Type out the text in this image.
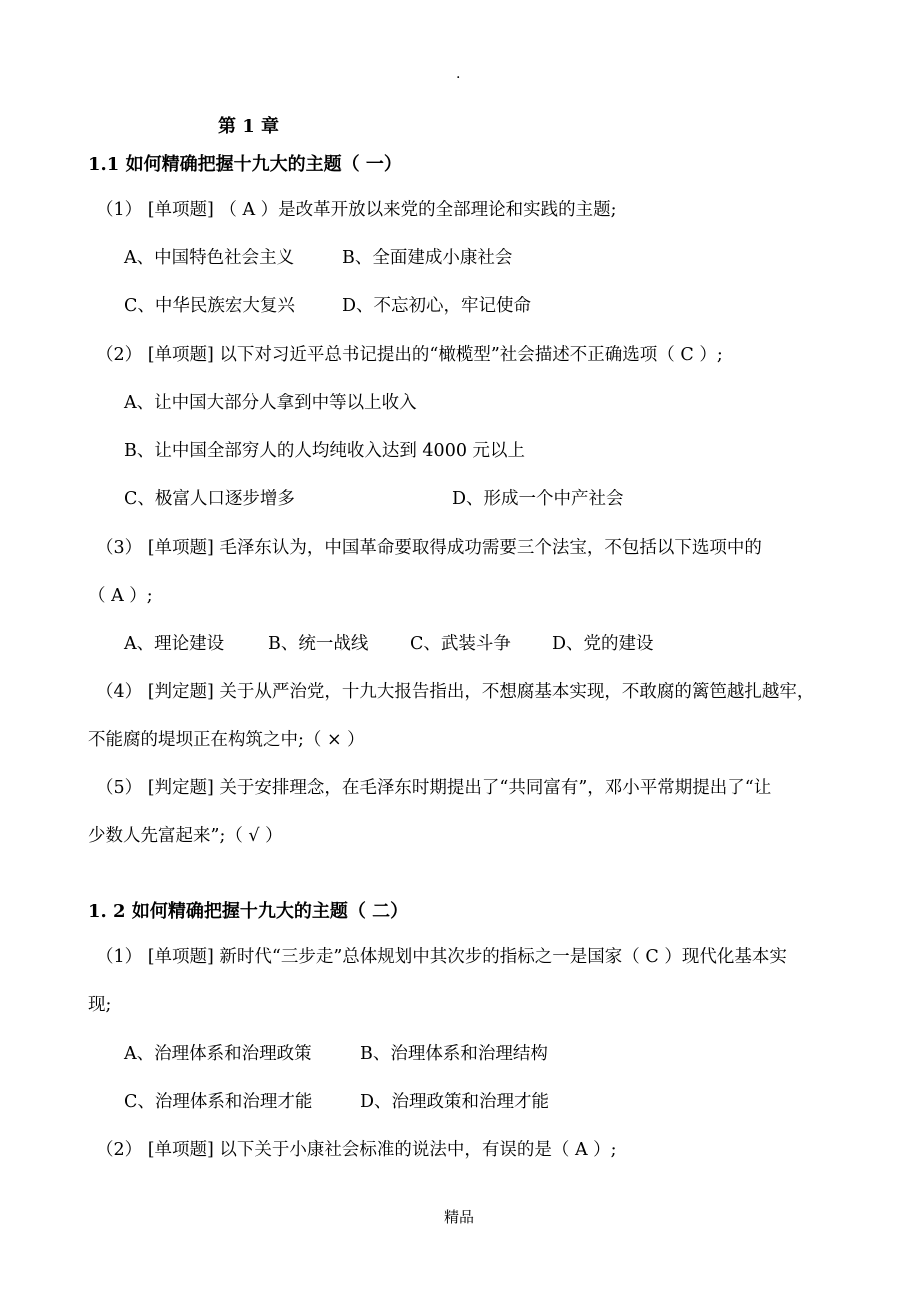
.
第 1 章
1.1 如何精确把握十九大的主题（ 一）
（1） [单项题] （ A ）是改革开放以来党的全部理论和实践的主题;
A、中国特色社会主义	B、全面建成小康社会
C、中华民族宏大复兴	D、不忘初心，牢记使命
（2） [单项题] 以下对习近平总书记提出的“橄榄型”社会描述不正确选项（ C ）;
A、让中国大部分人拿到中等以上收入
B、让中国全部穷人的人均纯收入达到 4000 元以上
C、极富人口逐步增多	D、形成一个中产社会
（3） [单项题] 毛泽东认为，中国革命要取得成功需要三个法宝，不包括以下选项中的
（ A ）;
A、理论建设	B、统一战线 C、武装斗争 D、党的建设
（4） [判定题] 关于从严治党，十九大报告指出，不想腐基本实现，不敢腐的篱笆越扎越牢，
不能腐的堤坝正在构筑之中;（ × ）
（5） [判定题] 关于安排理念，在毛泽东时期提出了“共同富有”，邓小平常期提出了“让
少数人先富起来”;（ √ ）
1. 2 如何精确把握十九大的主题（ 二）
（1） [单项题] 新时代“三步走”总体规划中其次步的指标之一是国家（ C ）现代化基本实
现;
A、治理体系和治理政策	B、治理体系和治理结构
C、治理体系和治理才能	D、治理政策和治理才能
（2） [单项题] 以下关于小康社会标准的说法中，有误的是（ A ）;
精品
